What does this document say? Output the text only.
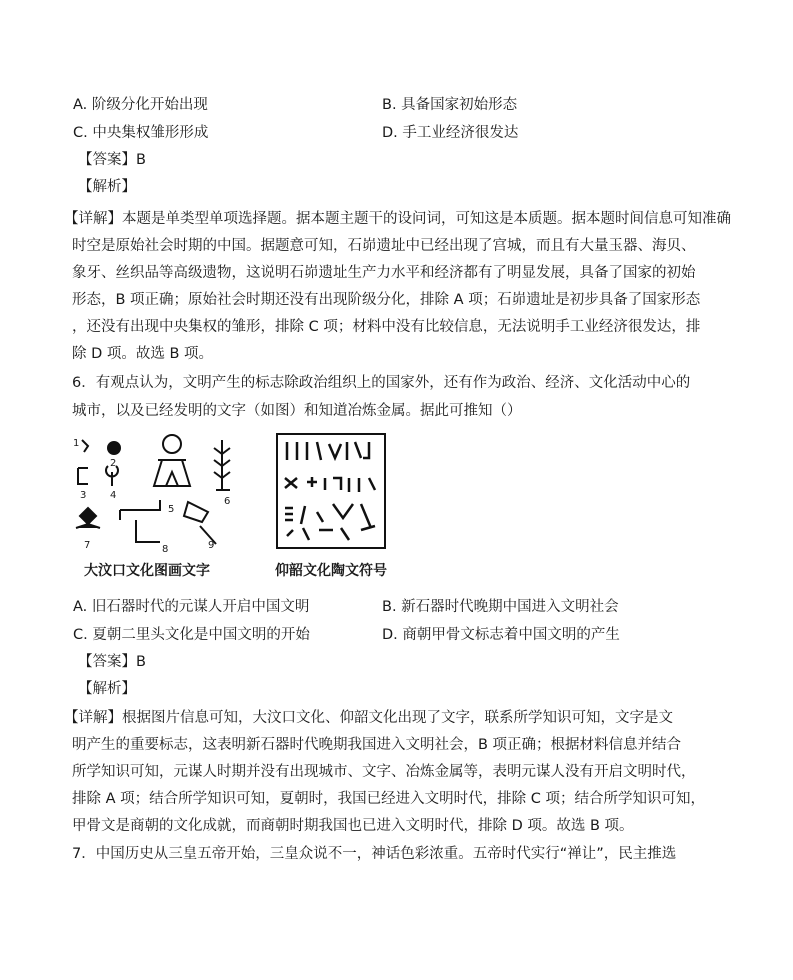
A. 阶级分化开始出现	B. 具备国家初始形态
C. 中央集权雏形形成	D. 手工业经济很发达
【答案】B
【解析】
【详解】本题是单类型单项选择题。据本题主题干的设问词，可知这是本质题。据本题时间信息可知准确
时空是原始社会时期的中国。据题意可知，石峁遗址中已经出现了宫城，而且有大量玉器、海贝、
象牙、丝织品等高级遗物，这说明石峁遗址生产力水平和经济都有了明显发展，具备了国家的初始
形态，B 项正确；原始社会时期还没有出现阶级分化，排除 A 项；石峁遗址是初步具备了国家形态
，还没有出现中央集权的雏形，排除 C 项；材料中没有比较信息，无法说明手工业经济很发达，排
除 D 项。故选 B 项。
6．有观点认为，文明产生的标志除政治组织上的国家外，还有作为政治、经济、文化活动中心的
城市，以及已经发明的文字（如图）和知道冶炼金属。据此可推知（）
1
2
3 4
5
6
7	8	9
大汶口文化图画文字	仰韶文化陶文符号
A. 旧石器时代的元谋人开启中国文明	B. 新石器时代晚期中国进入文明社会
C. 夏朝二里头文化是中国文明的开始	D. 商朝甲骨文标志着中国文明的产生
【答案】B
【解析】
【详解】根据图片信息可知，大汶口文化、仰韶文化出现了文字，联系所学知识可知，文字是文
明产生的重要标志，这表明新石器时代晚期我国进入文明社会，B 项正确；根据材料信息并结合
所学知识可知，元谋人时期并没有出现城市、文字、冶炼金属等，表明元谋人没有开启文明时代，
排除 A 项；结合所学知识可知，夏朝时，我国已经进入文明时代，排除 C 项；结合所学知识可知，
甲骨文是商朝的文化成就，而商朝时期我国也已进入文明时代，排除 D 项。故选 B 项。
7．中国历史从三皇五帝开始，三皇众说不一，神话色彩浓重。五帝时代实行“禅让”，民主推选
